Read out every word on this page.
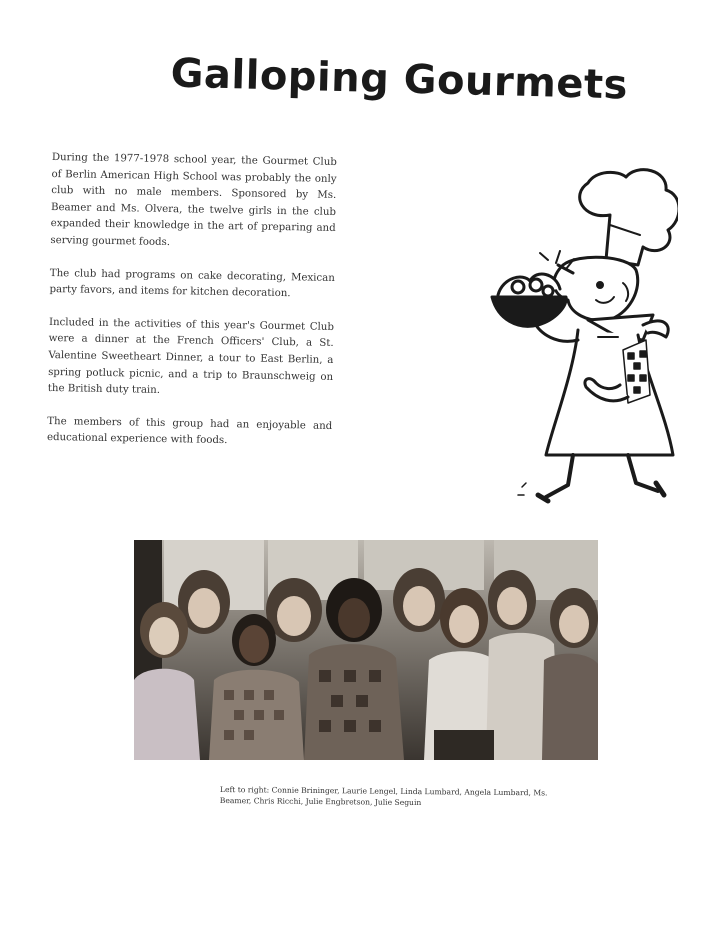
Galloping Gourmets

During the 1977-1978 school year, the Gourmet Club of Berlin American High School was probably the only club with no male members. Sponsored by Ms. Beamer and Ms. Olvera, the twelve girls in the club expanded their knowledge in the art of preparing and serving gourmet foods.

The club had programs on cake decorating, Mexican party favors, and items for kitchen decoration.

Included in the activities of this year's Gourmet Club were a dinner at the French Officers' Club, a St. Valentine Sweetheart Dinner, a tour to East Berlin, a spring potluck picnic, and a trip to Braunschweig on the British duty train.

The members of this group had an enjoyable and educational experience with foods.

Left to right: Connie Brininger, Laurie Lengel, Linda Lumbard, Angela Lumbard, Ms. Beamer, Chris Ricchi, Julie Engbretson, Julie Seguin
